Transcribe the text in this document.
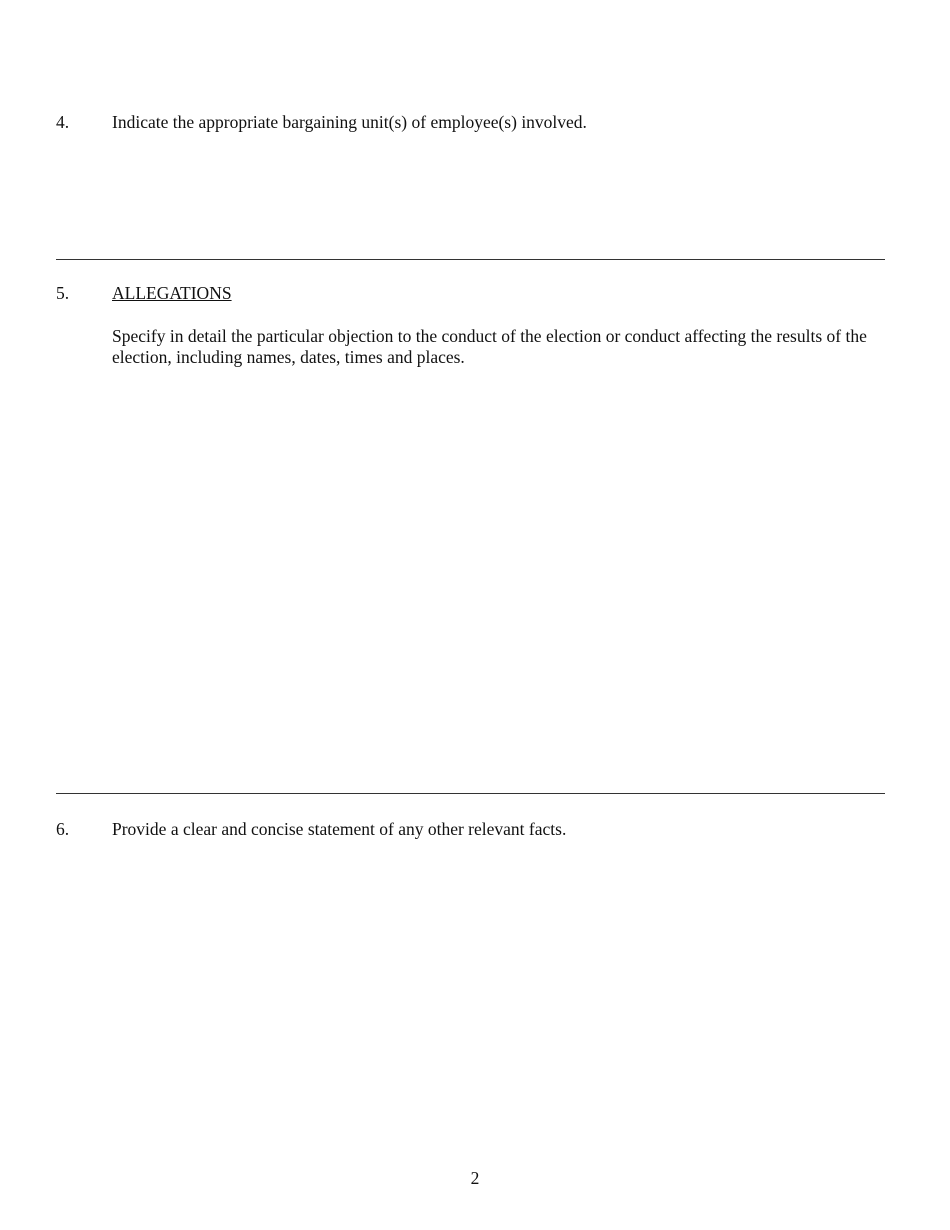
4. Indicate the appropriate bargaining unit(s) of employee(s) involved.
5. ALLEGATIONS
Specify in detail the particular objection to the conduct of the election or conduct affecting the results of the election, including names, dates, times and places.
6. Provide a clear and concise statement of any other relevant facts.
2
